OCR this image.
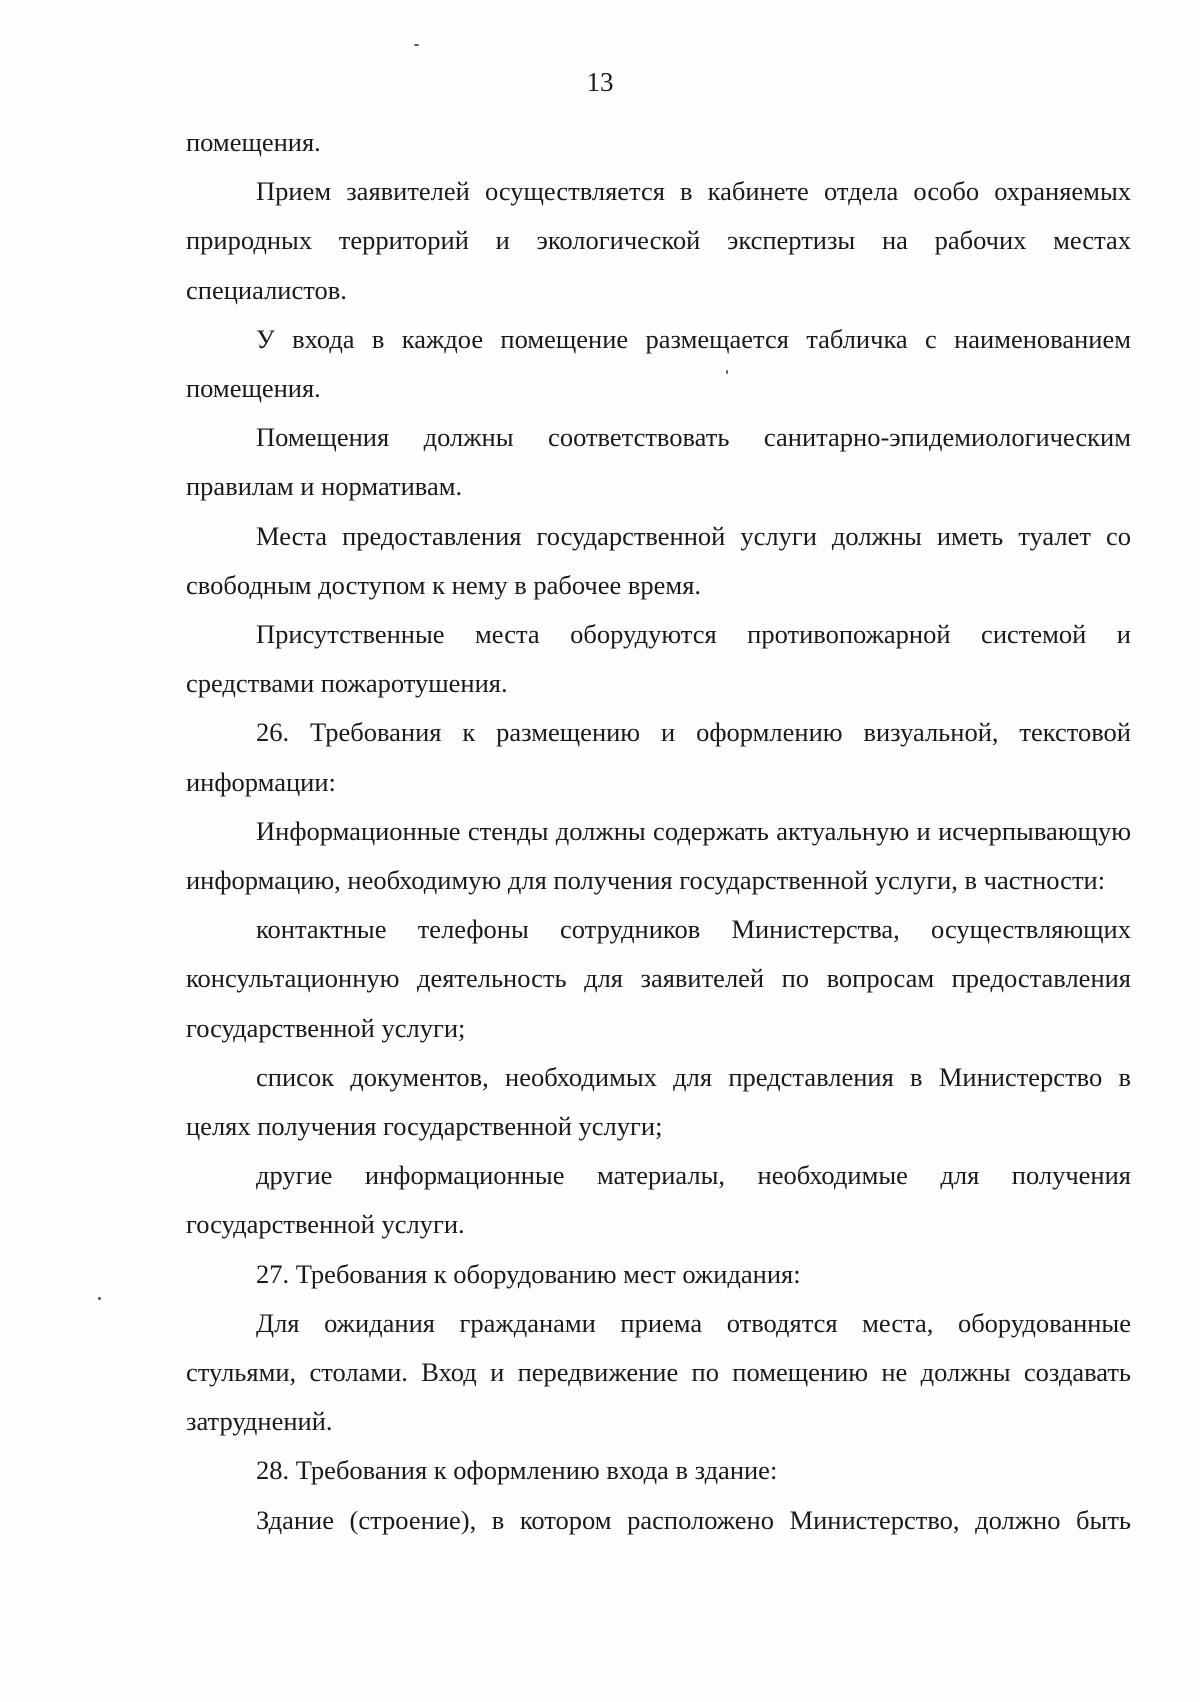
13

помещения.

Прием заявителей осуществляется в кабинете отдела особо охраняемых природных территорий и экологической экспертизы на рабочих местах специалистов.

У входа в каждое помещение размещается табличка с наименованием помещения.

Помещения должны соответствовать санитарно-эпидемиологическим правилам и нормативам.

Места предоставления государственной услуги должны иметь туалет со свободным доступом к нему в рабочее время.

Присутственные места оборудуются противопожарной системой и средствами пожаротушения.

26. Требования к размещению и оформлению визуальной, текстовой информации:

Информационные стенды должны содержать актуальную и исчерпывающую информацию, необходимую для получения государственной услуги, в частности:

контактные телефоны сотрудников Министерства, осуществляющих консультационную деятельность для заявителей по вопросам предоставления государственной услуги;

список документов, необходимых для представления в Министерство в целях получения государственной услуги;

другие информационные материалы, необходимые для получения государственной услуги.

27. Требования к оборудованию мест ожидания:

Для ожидания гражданами приема отводятся места, оборудованные стульями, столами. Вход и передвижение по помещению не должны создавать затруднений.

28. Требования к оформлению входа в здание:

Здание (строение), в котором расположено Министерство, должно быть
